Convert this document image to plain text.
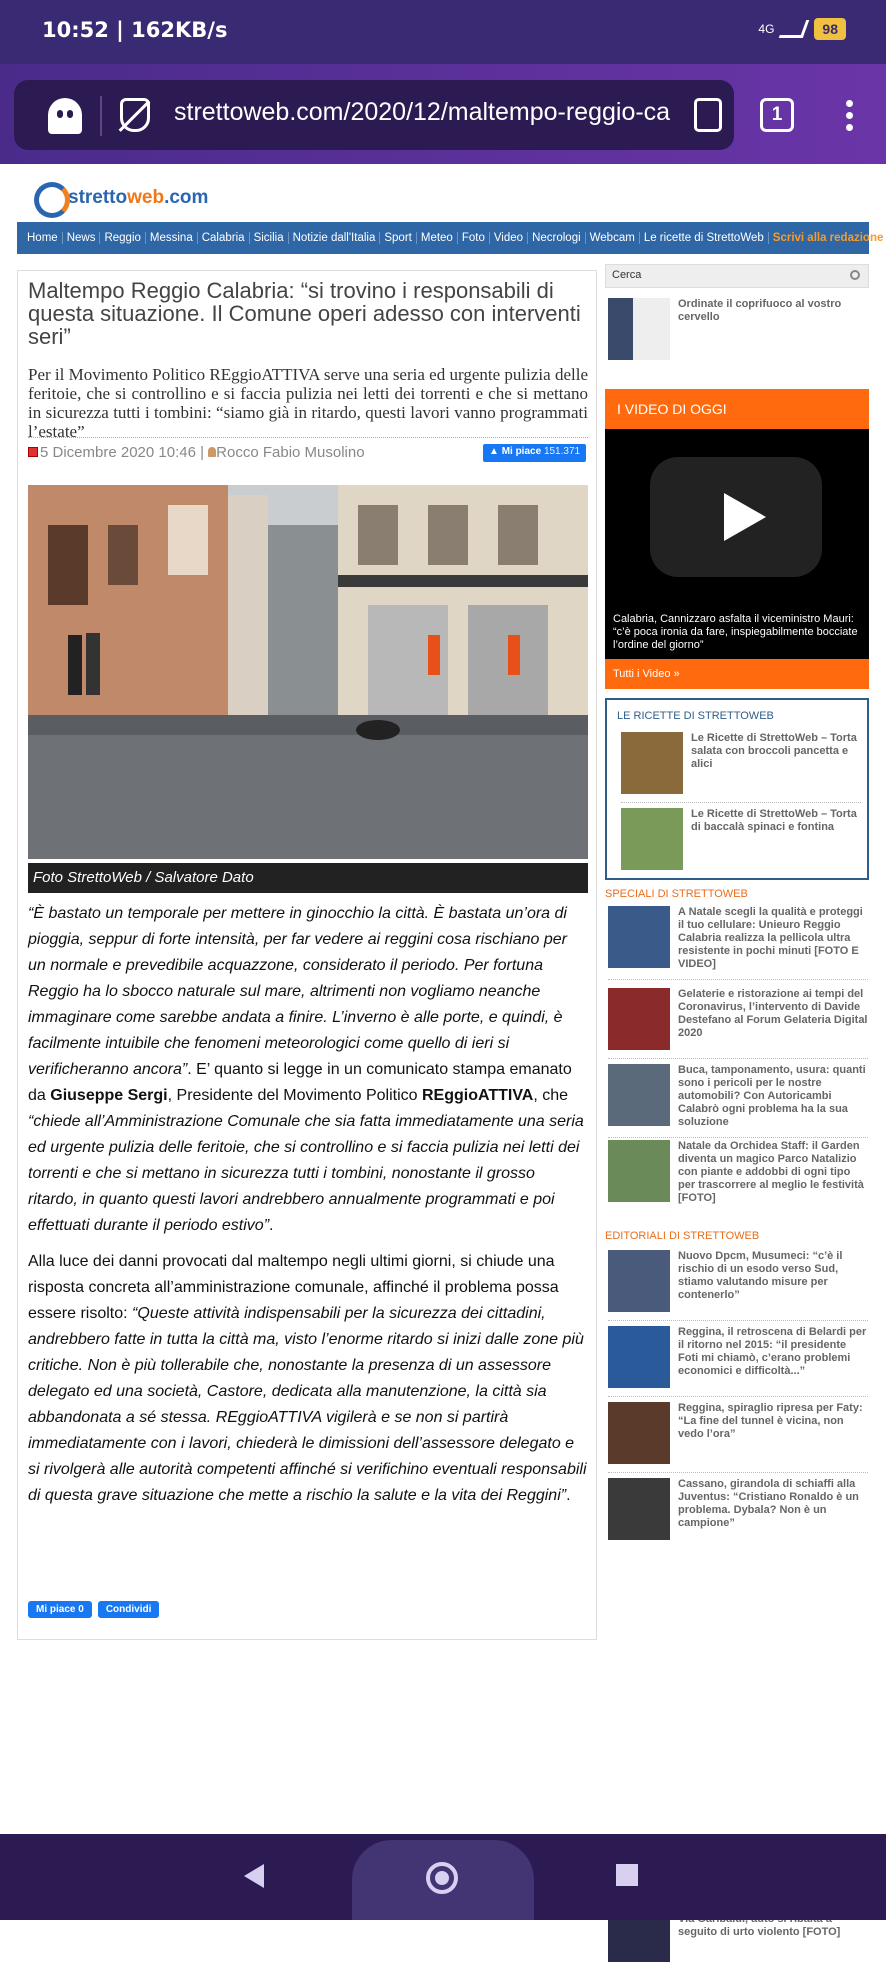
10:52 | 162KB/s	4G	98
strettoweb.com/2020/12/maltempo-reggio-ca	1
strettoweb.com
Home News Reggio Messina Calabria Sicilia Notizie dall'Italia Sport Meteo Foto Video Necrologi Webcam Le ricette di StrettoWeb Scrivi alla redazione
Maltempo Reggio Calabria: “si trovino i responsabili di questa situazione. Il Comune operi adesso con interventi seri”
Per il Movimento Politico REggioATTIVA serve una seria ed urgente pulizia delle feritoie, che si controllino e si faccia pulizia nei letti dei torrenti e che si mettano in sicurezza tutti i tombini: “siamo già in ritardo, questi lavori vanno programmati l’estate”
5 Dicembre 2020 10:46 | Rocco Fabio Musolino	▲ Mi piace 151.371
Foto StrettoWeb / Salvatore Dato

“È bastato un temporale per mettere in ginocchio la città. È bastata un’ora di pioggia, seppur di forte intensità, per far vedere ai reggini cosa rischiano per un normale e prevedibile acquazzone, considerato il periodo. Per fortuna Reggio ha lo sbocco naturale sul mare, altrimenti non vogliamo neanche immaginare come sarebbe andata a finire. L’inverno è alle porte, e quindi, è facilmente intuibile che fenomeni meteorologici come quello di ieri si verificheranno ancora”. E’ quanto si legge in un comunicato stampa emanato da Giuseppe Sergi, Presidente del Movimento Politico REggioATTIVA, che “chiede all’Amministrazione Comunale che sia fatta immediatamente una seria ed urgente pulizia delle feritoie, che si controllino e si faccia pulizia nei letti dei torrenti e che si mettano in sicurezza tutti i tombini, nonostante il grosso ritardo, in quanto questi lavori andrebbero annualmente programmati e poi effettuati durante il periodo estivo”.

Alla luce dei danni provocati dal maltempo negli ultimi giorni, si chiude una risposta concreta all’amministrazione comunale, affinché il problema possa essere risolto: “Queste attività indispensabili per la sicurezza dei cittadini, andrebbero fatte in tutta la città ma, visto l’enorme ritardo si inizi dalle zone più critiche. Non è più tollerabile che, nonostante la presenza di un assessore delegato ed una società, Castore, dedicata alla manutenzione, la città sia abbandonata a sé stessa. REggioATTIVA vigilerà e se non si partirà immediatamente con i lavori, chiederà le dimissioni dell’assessore delegato e si rivolgerà alle autorità competenti affinché si verifichino eventuali responsabili di questa grave situazione che mette a rischio la salute e la vita dei Reggini”.

Mi piace 0	Condividi
Cerca
Ordinate il coprifuoco al vostro cervello
I VIDEO DI OGGI
Calabria, Cannizzaro asfalta il viceministro Mauri: “c’è poca ironia da fare, inspiegabilmente bocciate l’ordine del giorno”
Tutti i Video »
LE RICETTE DI STRETTOWEB
Le Ricette di StrettoWeb – Torta salata con broccoli pancetta e alici
Le Ricette di StrettoWeb – Torta di baccalà spinaci e fontina
SPECIALI DI STRETTOWEB
A Natale scegli la qualità e proteggi il tuo cellulare: Unieuro Reggio Calabria realizza la pellicola ultra resistente in pochi minuti [FOTO E VIDEO]
Gelaterie e ristorazione ai tempi del Coronavirus, l’intervento di Davide Destefano al Forum Gelateria Digital 2020
Buca, tamponamento, usura: quanti sono i pericoli per le nostre automobili? Con Autoricambi Calabrò ogni problema ha la sua soluzione
Natale da Orchidea Staff: il Garden diventa un magico Parco Natalizio con piante e addobbi di ogni tipo per trascorrere al meglio le festività [FOTO]
EDITORIALI DI STRETTOWEB
Nuovo Dpcm, Musumeci: “c’è il rischio di un esodo verso Sud, stiamo valutando misure per contenerlo”
Reggina, il retroscena di Belardi per il ritorno nel 2015: “il presidente Foti mi chiamò, c’erano problemi economici e difficoltà...”
Reggina, spiraglio ripresa per Faty: “La fine del tunnel è vicina, non vedo l’ora”
Cassano, girandola di schiaffi alla Juventus: “Cristiano Ronaldo è un problema. Dybala? Non è un campione”
seguito di urto violento [FOTO]
